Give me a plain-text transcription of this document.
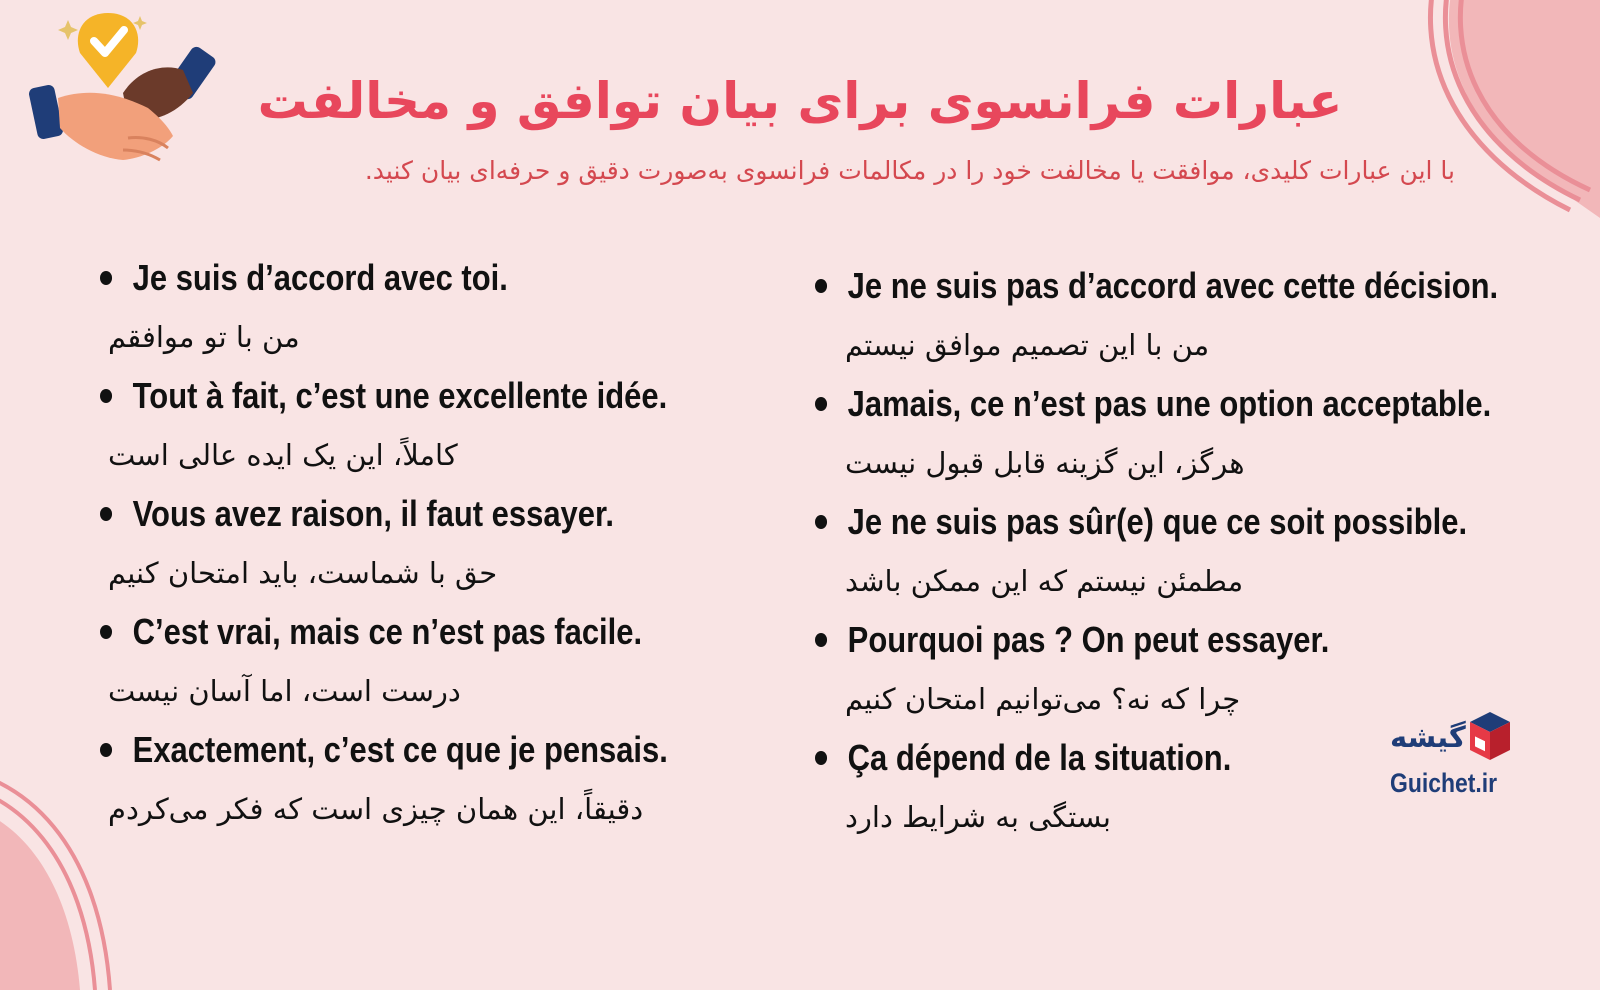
عبارات فرانسوی برای بیان توافق و مخالفت
با این عبارات کلیدی، موافقت یا مخالفت خود را در مکالمات فرانسوی به‌صورت دقیق و حرفه‌ای بیان کنید.
Je suis d’accord avec toi.
من با تو موافقم
Tout à fait, c’est une excellente idée.
کاملاً، این یک ایده عالی است
Vous avez raison, il faut essayer.
حق با شماست، باید امتحان کنیم
C’est vrai, mais ce n’est pas facile.
درست است، اما آسان نیست
Exactement, c’est ce que je pensais.
دقیقاً، این همان چیزی است که فکر می‌کردم
Je ne suis pas d’accord avec cette décision.
من با این تصمیم موافق نیستم
Jamais, ce n’est pas une option acceptable.
هرگز، این گزینه قابل قبول نیست
Je ne suis pas sûr(e) que ce soit possible.
مطمئن نیستم که این ممکن باشد
Pourquoi pas ? On peut essayer.
چرا که نه؟ می‌توانیم امتحان کنیم
Ça dépend de la situation.
بستگی به شرایط دارد
گیشه
Guichet.ir
